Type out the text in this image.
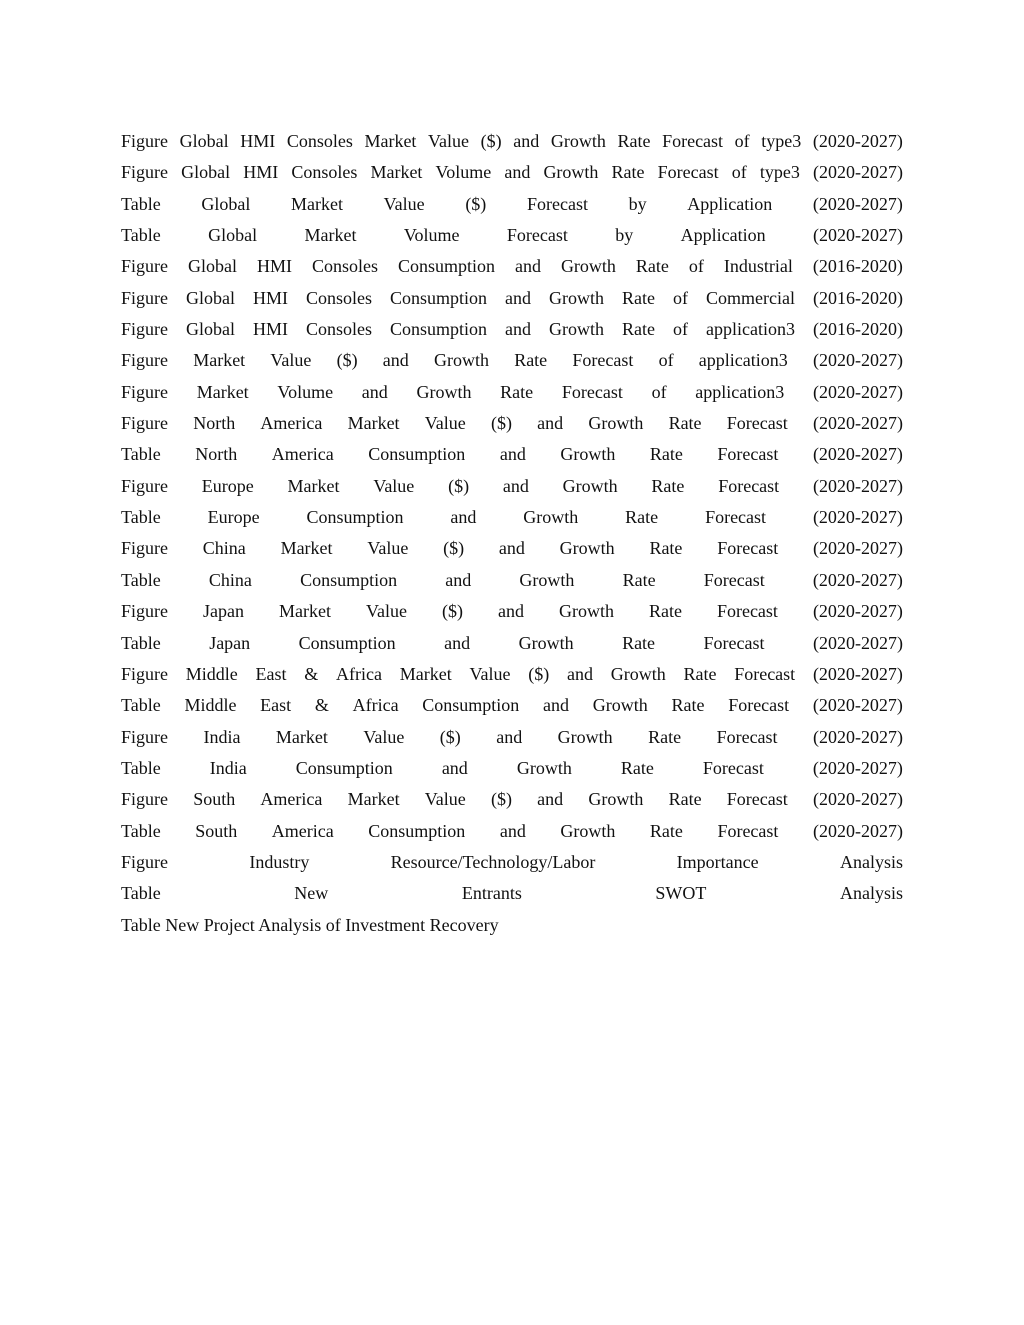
Figure Global HMI Consoles Market Value ($) and Growth Rate Forecast of type3 (2020-2027)
Figure Global HMI Consoles Market Volume and Growth Rate Forecast of type3 (2020-2027)
Table Global Market Value ($) Forecast by Application (2020-2027)
Table	Global	Market	Volume	Forecast	by	Application	(2020-2027)
Figure Global HMI Consoles Consumption and Growth Rate of Industrial (2016-2020)
Figure Global HMI Consoles Consumption and Growth Rate of Commercial (2016-2020)
Figure Global HMI Consoles Consumption and Growth Rate of application3 (2016-2020)
Figure Market Value ($) and Growth Rate Forecast of application3 (2020-2027)
Figure Market Volume and Growth Rate Forecast of application3 (2020-2027)
Figure North America Market Value ($) and Growth Rate Forecast (2020-2027)
Table North America Consumption and Growth Rate Forecast (2020-2027)
Figure Europe Market Value ($) and Growth Rate Forecast (2020-2027)
Table	Europe	Consumption	and	Growth	Rate	Forecast	(2020-2027)
Figure China Market Value ($) and Growth Rate Forecast (2020-2027)
Table	China	Consumption	and	Growth	Rate	Forecast	(2020-2027)
Figure Japan Market Value ($) and Growth Rate Forecast (2020-2027)
Table	Japan	Consumption	and	Growth	Rate	Forecast	(2020-2027)
Figure Middle East & Africa Market Value ($) and Growth Rate Forecast (2020-2027)
Table Middle East & Africa Consumption and Growth Rate Forecast (2020-2027)
Figure India Market Value ($) and Growth Rate Forecast (2020-2027)
Table	India	Consumption	and	Growth	Rate	Forecast	(2020-2027)
Figure South America Market Value ($) and Growth Rate Forecast (2020-2027)
Table South America Consumption and Growth Rate Forecast (2020-2027)
Figure	Industry	Resource/Technology/Labor	Importance	Analysis
Table	New	Entrants	SWOT	Analysis
Table New Project Analysis of Investment Recovery
